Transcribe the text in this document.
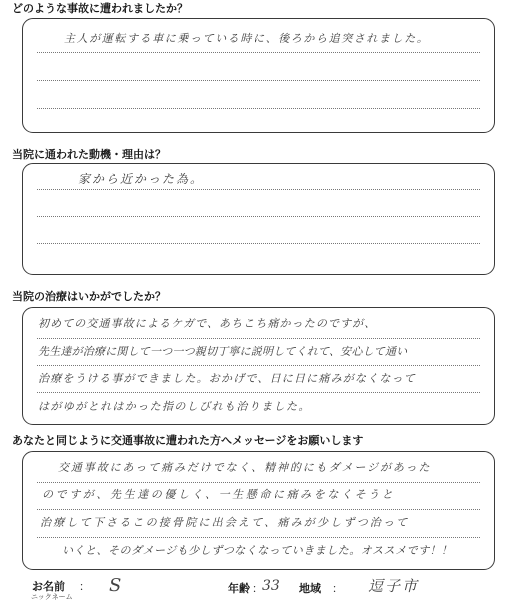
どのような事故に遭われましたか？
主人が運転する車に乗っている時に、後ろから追突されました。
当院に通われた動機・理由は？
家から近かった為。
当院の治療はいかがでしたか？
初めての交通事故によるケガで、あちこち痛かったのですが、
先生達が治療に関して一つ一つ親切丁寧に説明してくれて、安心して通い
治療をうける事ができました。おかげで、日に日に痛みがなくなって
はがゆがとれはかった指のしびれも治りました。
あなたと同じように交通事故に遭われた方へメッセージをお願いします
交通事故にあって痛みだけでなく、精神的にもダメージがあった
のですが、先生達の優しく、一生懸命に痛みをなくそうと
治療して下さるこの接骨院に出会えて、痛みが少しずつ治って
いくと、そのダメージも少しずつなくなっていきました。オススメです！！
お名前 ：
ニックネーム
S	年齢 ： 33 地域 ： 逗子市
